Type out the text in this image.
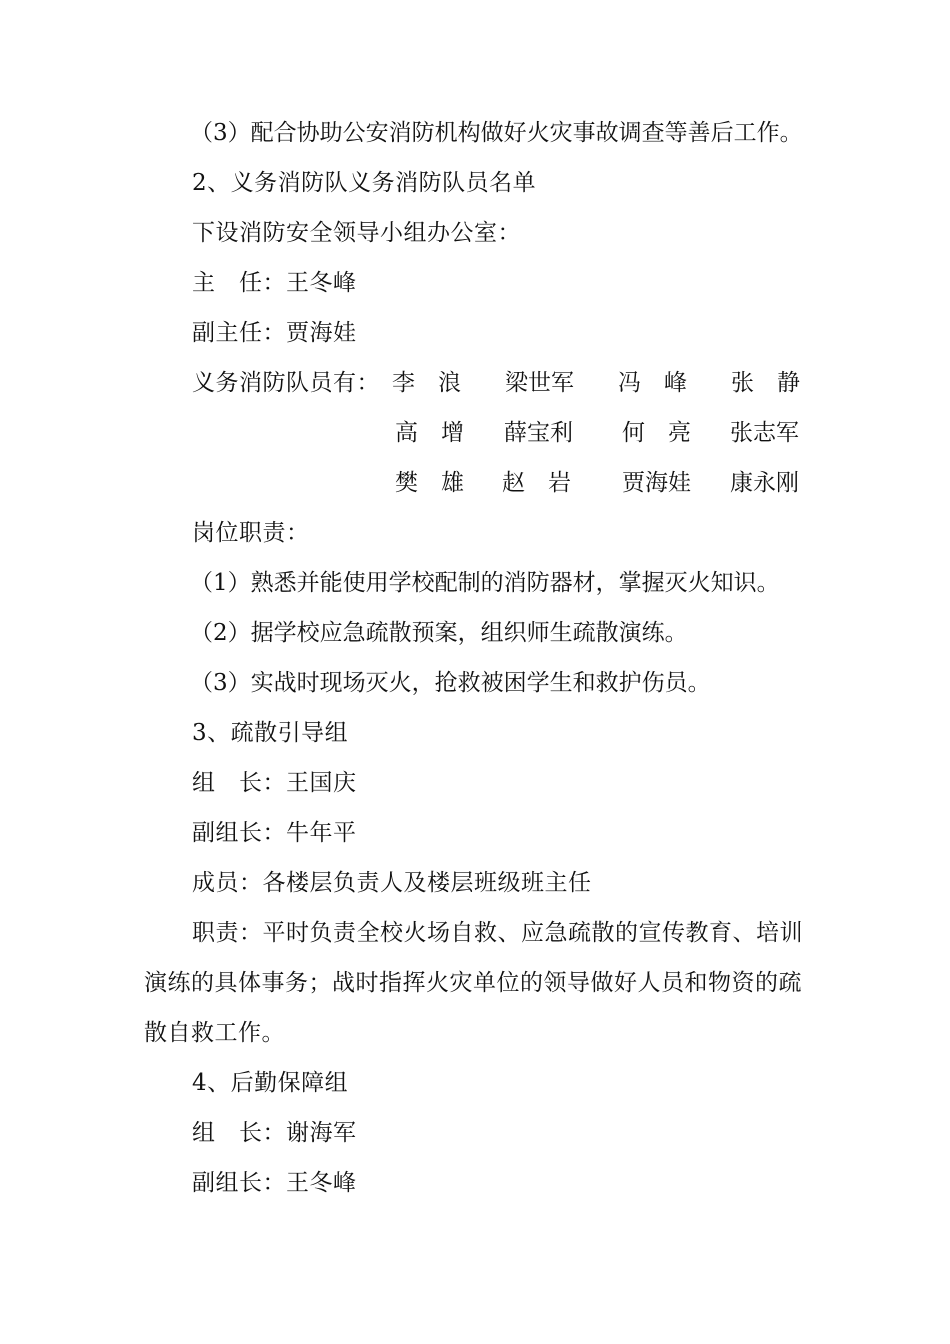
（3）配合协助公安消防机构做好火灾事故调查等善后工作。
2、义务消防队义务消防队员名单
下设消防安全领导小组办公室：
主　任：王冬峰
副主任：贾海娃
义务消防队员有： 李　浪 梁世军 冯　峰 张　静
高　增 薛宝利 何　亮 张志军
樊　雄 赵　岩 贾海娃 康永刚
岗位职责：
（1）熟悉并能使用学校配制的消防器材，掌握灭火知识。
（2）据学校应急疏散预案，组织师生疏散演练。
（3）实战时现场灭火，抢救被困学生和救护伤员。
3、疏散引导组
组　长：王国庆
副组长：牛年平
成员：各楼层负责人及楼层班级班主任
职责：平时负责全校火场自救、应急疏散的宣传教育、培训
演练的具体事务；战时指挥火灾单位的领导做好人员和物资的疏
散自救工作。
4、后勤保障组
组　长：谢海军
副组长：王冬峰
